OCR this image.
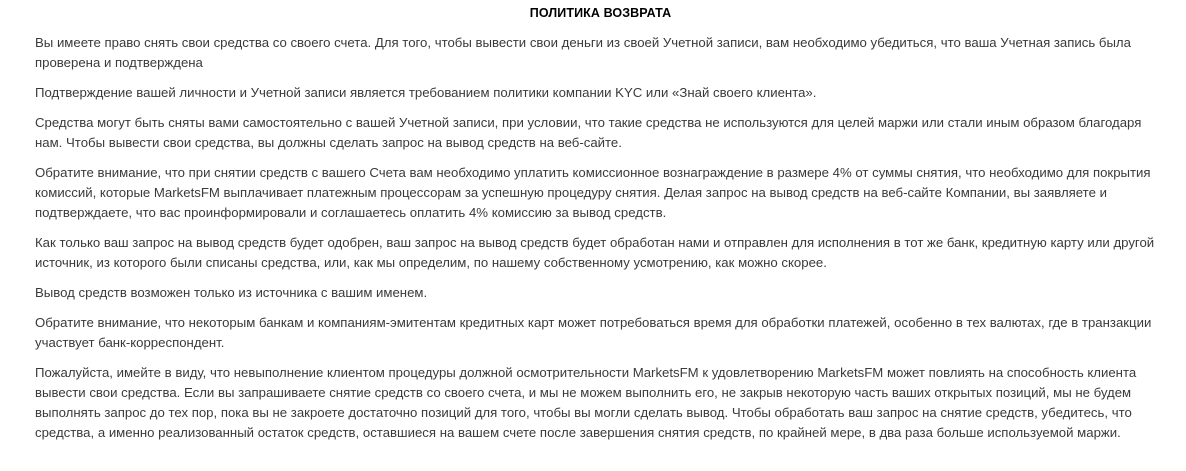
ПОЛИТИКА ВОЗВРАТА

Вы имеете право снять свои средства со своего счета. Для того, чтобы вывести свои деньги из своей Учетной записи, вам необходимо убедиться, что ваша Учетная запись была проверена и подтверждена

Подтверждение вашей личности и Учетной записи является требованием политики компании KYC или «Знай своего клиента».

Средства могут быть сняты вами самостоятельно с вашей Учетной записи, при условии, что такие средства не используются для целей маржи или стали иным образом благодаря нам. Чтобы вывести свои средства, вы должны сделать запрос на вывод средств на веб-сайте.

Обратите внимание, что при снятии средств с вашего Счета вам необходимо уплатить комиссионное вознаграждение в размере 4% от суммы снятия, что необходимо для покрытия комиссий, которые MarketsFM выплачивает платежным процессорам за успешную процедуру снятия. Делая запрос на вывод средств на веб-сайте Компании, вы заявляете и подтверждаете, что вас проинформировали и соглашаетесь оплатить 4% комиссию за вывод средств.

Как только ваш запрос на вывод средств будет одобрен, ваш запрос на вывод средств будет обработан нами и отправлен для исполнения в тот же банк, кредитную карту или другой источник, из которого были списаны средства, или, как мы определим, по нашему собственному усмотрению, как можно скорее.

Вывод средств возможен только из источника с вашим именем.

Обратите внимание, что некоторым банкам и компаниям-эмитентам кредитных карт может потребоваться время для обработки платежей, особенно в тех валютах, где в транзакции участвует банк-корреспондент.

Пожалуйста, имейте в виду, что невыполнение клиентом процедуры должной осмотрительности MarketsFM к удовлетворению MarketsFM может повлиять на способность клиента вывести свои средства. Если вы запрашиваете снятие средств со своего счета, и мы не можем выполнить его, не закрыв некоторую часть ваших открытых позиций, мы не будем выполнять запрос до тех пор, пока вы не закроете достаточно позиций для того, чтобы вы могли сделать вывод. Чтобы обработать ваш запрос на снятие средств, убедитесь, что средства, а именно реализованный остаток средств, оставшиеся на вашем счете после завершения снятия средств, по крайней мере, в два раза больше используемой маржи.
